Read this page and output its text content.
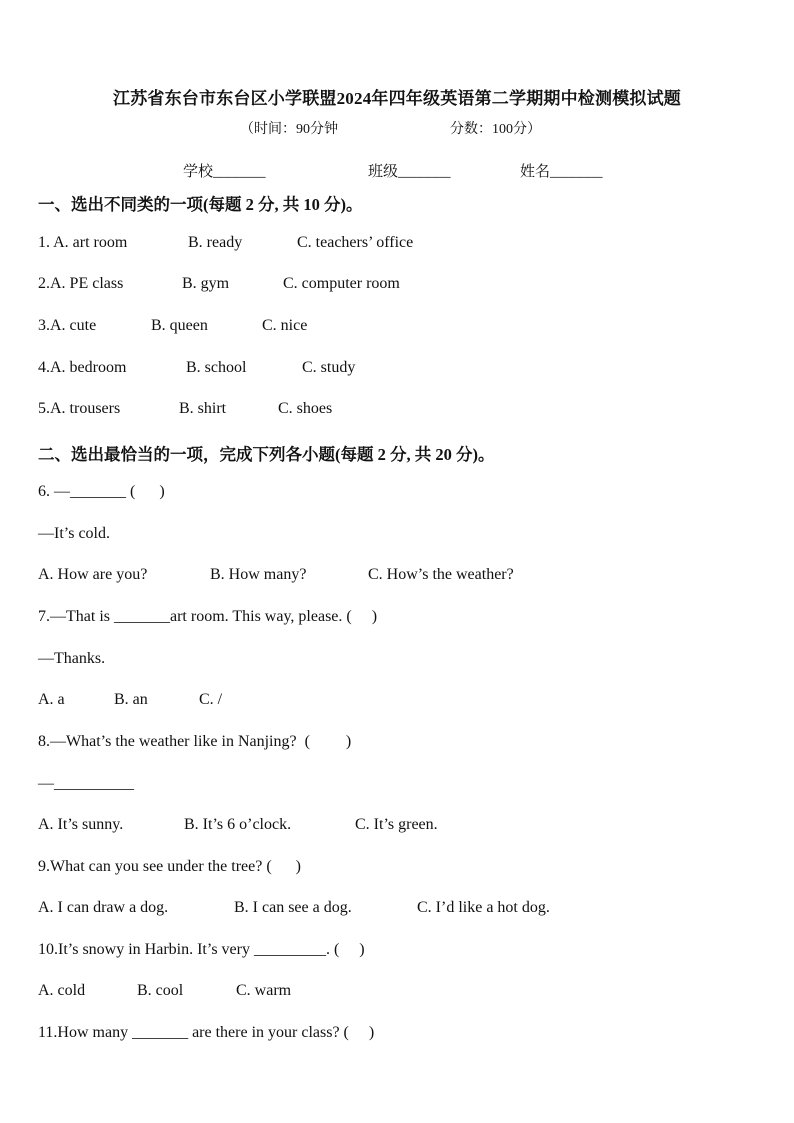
江苏省东台市东台区小学联盟2024年四年级英语第二学期期中检测模拟试题
（时间：90分钟	分数：100分）
学校_______	班级_______	姓名_______
一、选出不同类的一项(每题 2 分, 共 10 分)。
1. A. art room	B. ready	C. teachers’ office
2.A. PE class	B. gym	C. computer room
3.A. cute	B. queen	C. nice
4.A. bedroom	B. school	C. study
5.A. trousers	B. shirt	C. shoes
二、选出最恰当的一项，完成下列各小题(每题 2 分, 共 20 分)。
6. —_______ (      )
—It’s cold.
A. How are you?	B. How many?	C. How’s the weather?
7.—That is _______art room. This way, please. (     )
—Thanks.
A. a	B. an	C. /
8.—What’s the weather like in Nanjing?  (         )
—__________
A. It’s sunny.	B. It’s 6 o’clock.	C. It’s green.
9.What can you see under the tree? (      )
A. I can draw a dog.	B. I can see a dog.	C. I’d like a hot dog.
10.It’s snowy in Harbin. It’s very _________. (     )
A. cold	B. cool	C. warm
11.How many _______ are there in your class? (     )
